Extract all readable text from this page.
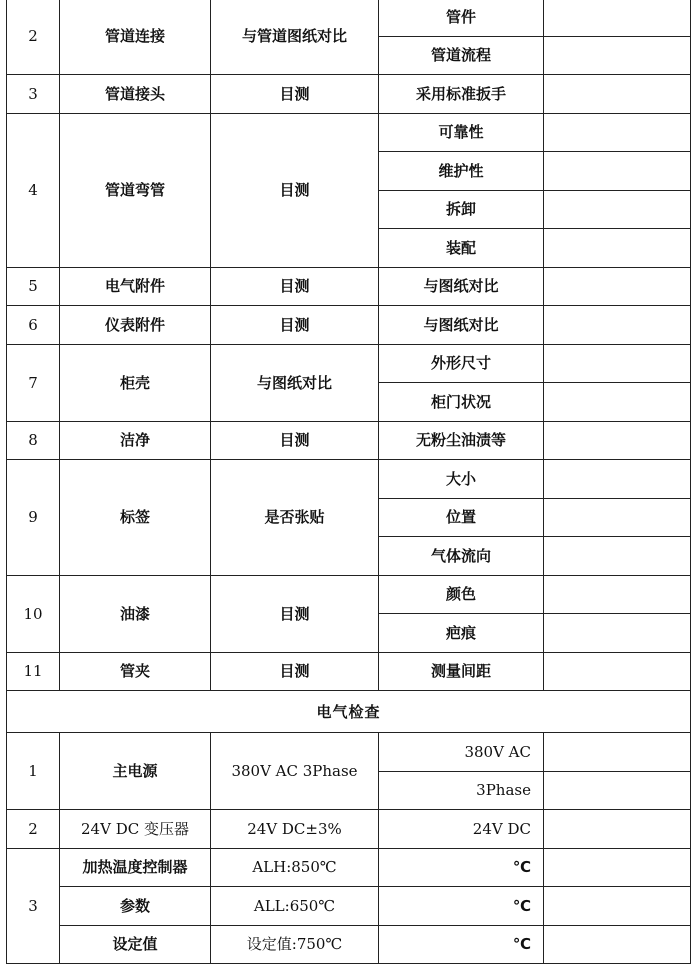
2	管道连接	与管道图纸对比	管件	
			管道流程	
3	管道接头	目测	采用标准扳手	
4	管道弯管	目测	可靠性	
			维护性	
			拆卸	
			装配	
5	电气附件	目测	与图纸对比	
6	仪表附件	目测	与图纸对比	
7	柜壳	与图纸对比	外形尺寸	
			柜门状况	
8	洁净	目测	无粉尘油渍等	
9	标签	是否张贴	大小	
			位置	
			气体流向	
10	油漆	目测	颜色	
			疤痕	
11	管夹	目测	测量间距	
电气检查				
1	主电源	380V AC 3Phase	380V AC	
			3Phase	
2	24V DC 变压器	24V DC±3%	24V DC	
3	加热温度控制器	ALH:850℃	℃	
	参数	ALL:650℃	℃	
	设定值	设定值:750℃	℃	
